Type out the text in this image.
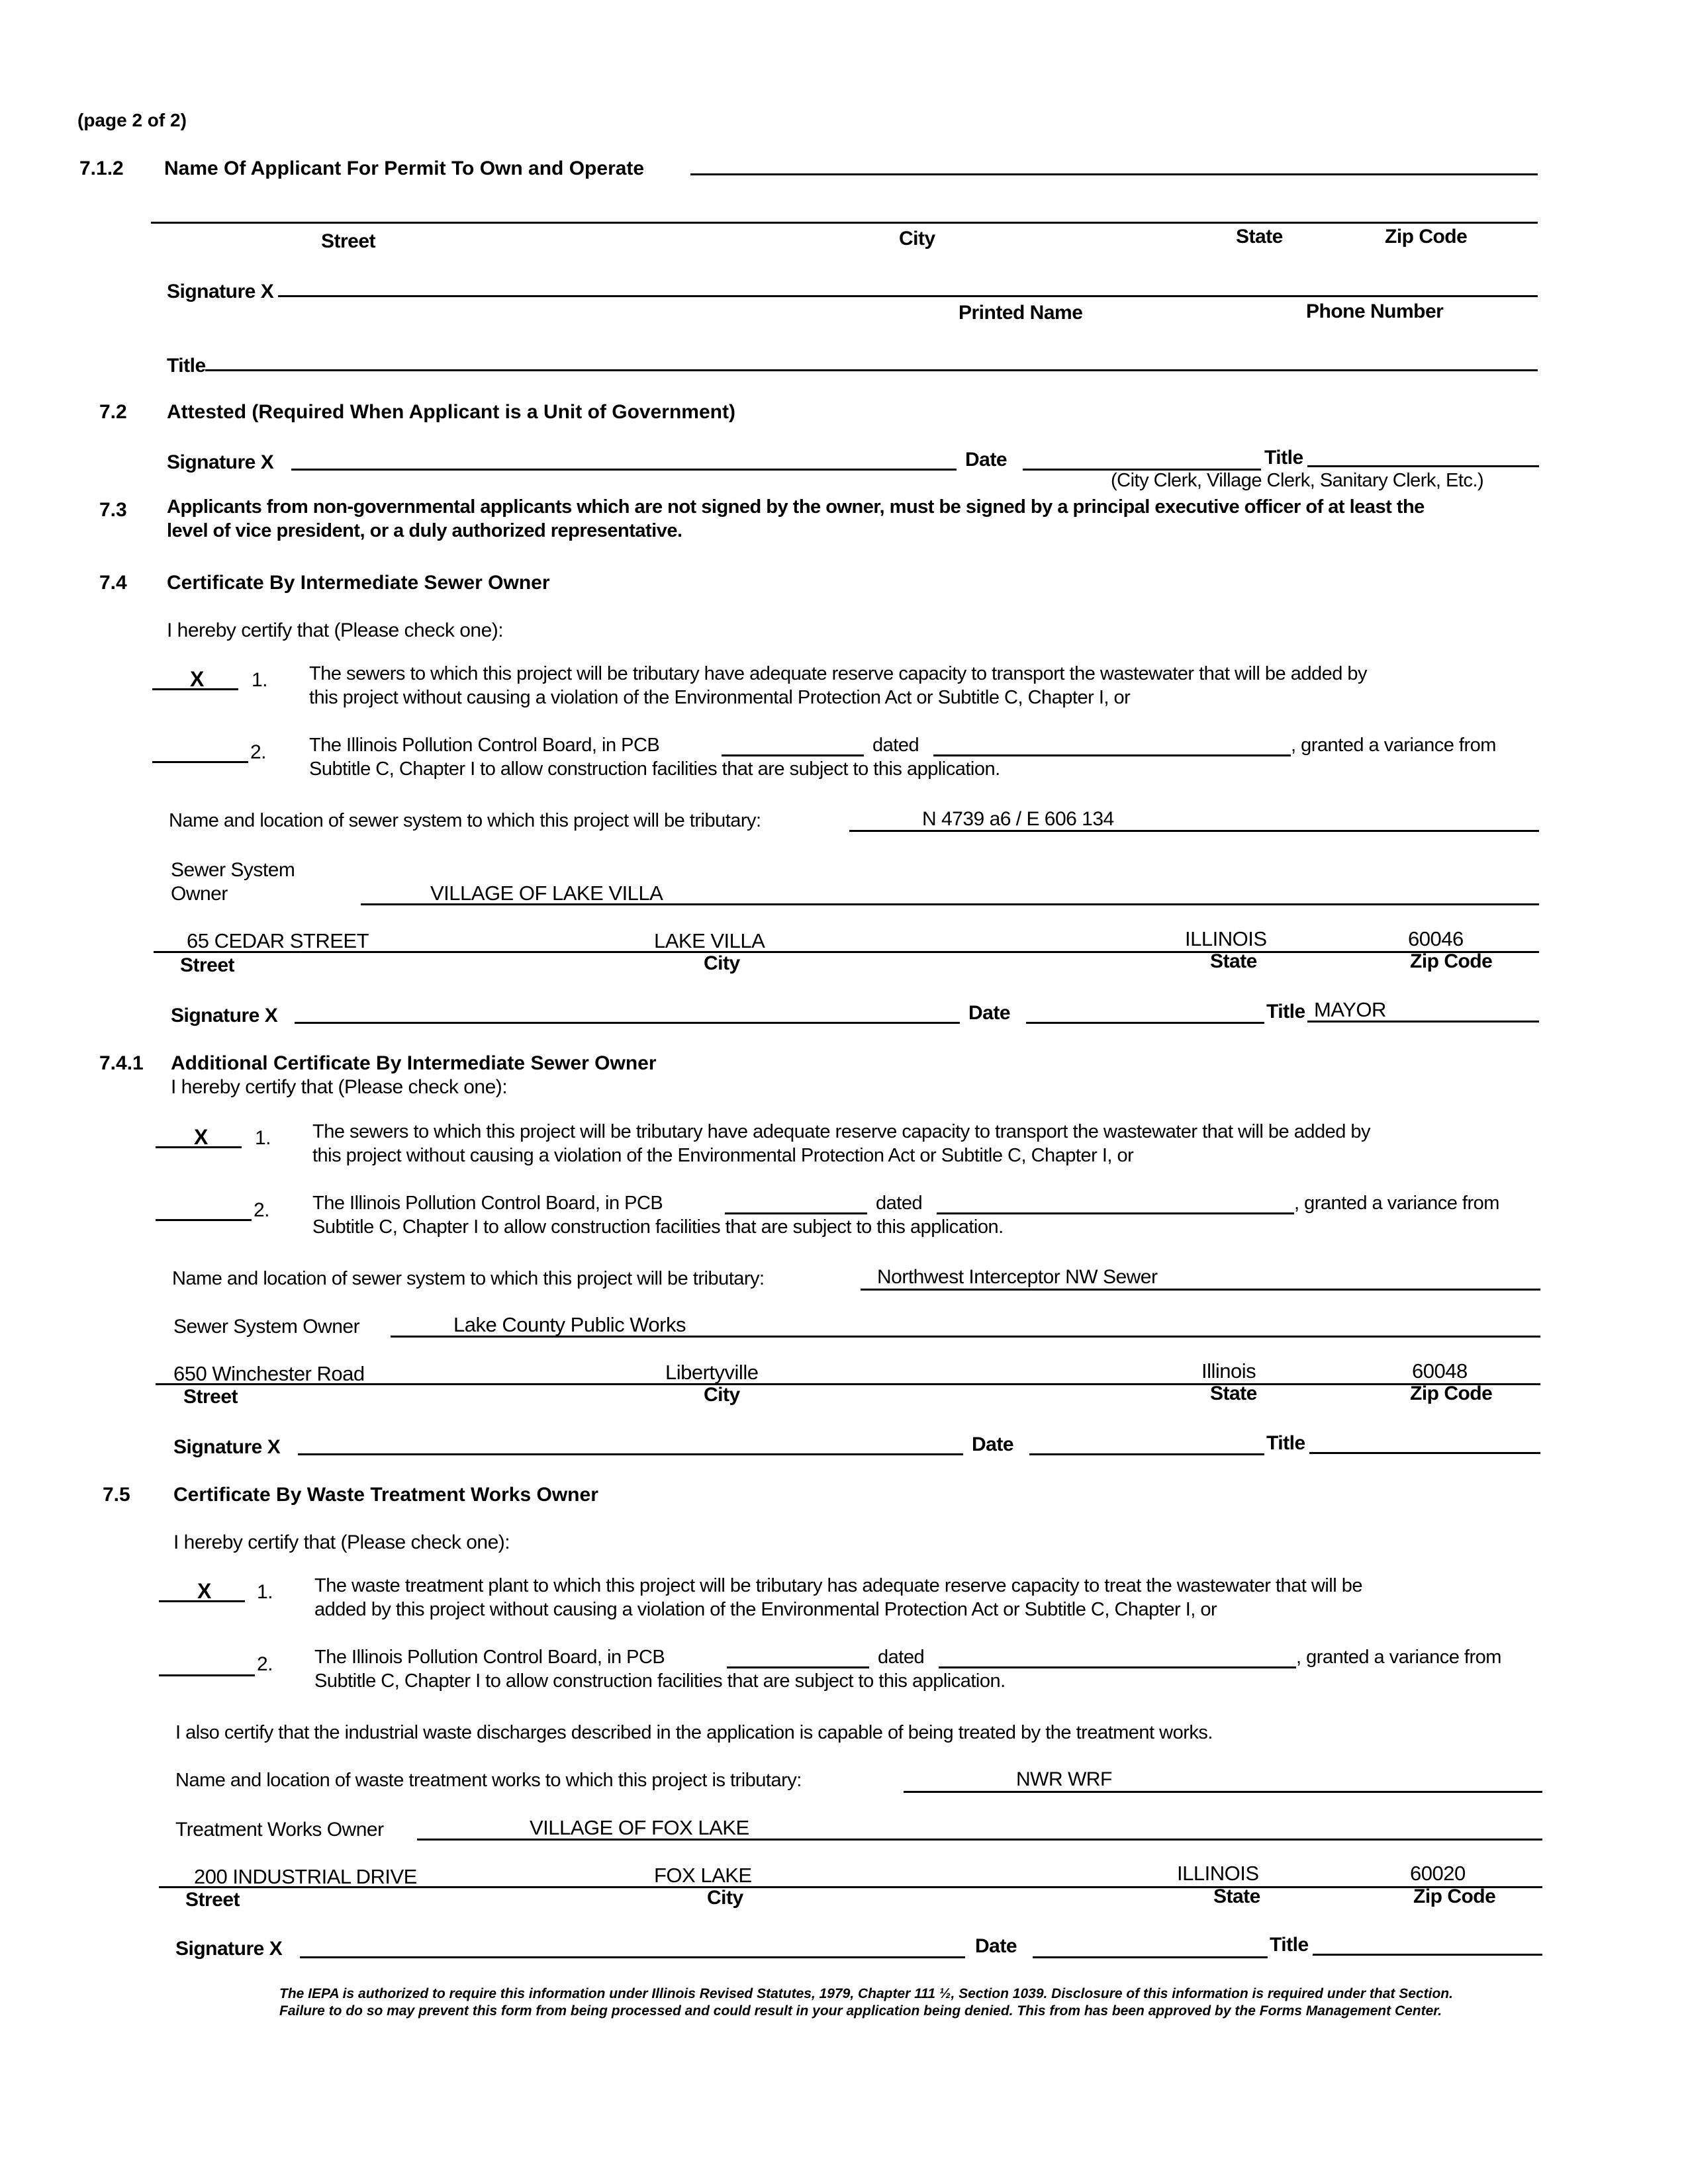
(page 2 of 2)
7.1.2 Name Of Applicant For Permit To Own and Operate
Street	City	State	Zip Code
Signature X
Printed Name	Phone Number
Title
7.2 Attested (Required When Applicant is a Unit of Government)
Signature X	Date	Title
(City Clerk, Village Clerk, Sanitary Clerk, Etc.)
7.3 Applicants from non-governmental applicants which are not signed by the owner, must be signed by a principal executive officer of at least the
level of vice president, or a duly authorized representative.
7.4 Certificate By Intermediate Sewer Owner
I hereby certify that (Please check one):
X 1. The sewers to which this project will be tributary have adequate reserve capacity to transport the wastewater that will be added by
this project without causing a violation of the Environmental Protection Act or Subtitle C, Chapter I, or
2. The Illinois Pollution Control Board, in PCB	dated	, granted a variance from
Subtitle C, Chapter I to allow construction facilities that are subject to this application.
Name and location of sewer system to which this project will be tributary:	N 4739 a6 / E 606 134
Sewer System
Owner	VILLAGE OF LAKE VILLA
65 CEDAR STREET	LAKE VILLA	ILLINOIS	60046
Street	City	State	Zip Code
Signature X	Date	Title MAYOR
7.4.1 Additional Certificate By Intermediate Sewer Owner
I hereby certify that (Please check one):
X 1. The sewers to which this project will be tributary have adequate reserve capacity to transport the wastewater that will be added by
this project without causing a violation of the Environmental Protection Act or Subtitle C, Chapter I, or
2. The Illinois Pollution Control Board, in PCB	dated	, granted a variance from
Subtitle C, Chapter I to allow construction facilities that are subject to this application.
Name and location of sewer system to which this project will be tributary:	Northwest Interceptor NW Sewer
Sewer System Owner	Lake County Public Works
650 Winchester Road	Libertyville	Illinois	60048
Street	City	State	Zip Code
Signature X	Date	Title
7.5 Certificate By Waste Treatment Works Owner
I hereby certify that (Please check one):
X 1. The waste treatment plant to which this project will be tributary has adequate reserve capacity to treat the wastewater that will be
added by this project without causing a violation of the Environmental Protection Act or Subtitle C, Chapter I, or
2. The Illinois Pollution Control Board, in PCB	dated	, granted a variance from
Subtitle C, Chapter I to allow construction facilities that are subject to this application.
I also certify that the industrial waste discharges described in the application is capable of being treated by the treatment works.
Name and location of waste treatment works to which this project is tributary:	NWR WRF
Treatment Works Owner	VILLAGE OF FOX LAKE
200 INDUSTRIAL DRIVE	FOX LAKE	ILLINOIS	60020
Street	City	State	Zip Code
Signature X	Date	Title
The IEPA is authorized to require this information under Illinois Revised Statutes, 1979, Chapter 111 ½, Section 1039. Disclosure of this information is required under that Section.
Failure to do so may prevent this form from being processed and could result in your application being denied. This from has been approved by the Forms Management Center.
